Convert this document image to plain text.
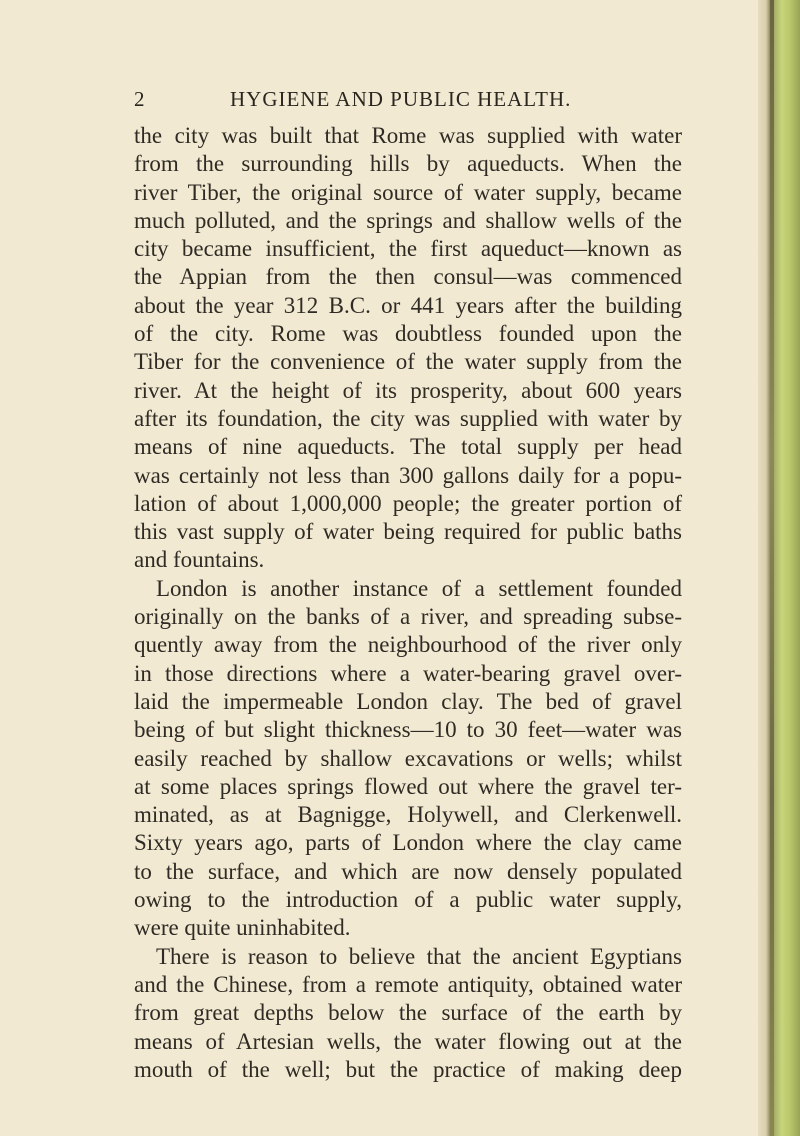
2	HYGIENE AND PUBLIC HEALTH.
the city was built that Rome was supplied with water
from the surrounding hills by aqueducts. When the
river Tiber, the original source of water supply, became
much polluted, and the springs and shallow wells of the
city became insufficient, the first aqueduct—known as
the Appian from the then consul—was commenced
about the year 312 B.C. or 441 years after the building
of the city. Rome was doubtless founded upon the
Tiber for the convenience of the water supply from the
river. At the height of its prosperity, about 600 years
after its foundation, the city was supplied with water by
means of nine aqueducts. The total supply per head
was certainly not less than 300 gallons daily for a popu-
lation of about 1,000,000 people; the greater portion of
this vast supply of water being required for public baths
and fountains.
London is another instance of a settlement founded
originally on the banks of a river, and spreading subse-
quently away from the neighbourhood of the river only
in those directions where a water-bearing gravel over-
laid the impermeable London clay. The bed of gravel
being of but slight thickness—10 to 30 feet—water was
easily reached by shallow excavations or wells; whilst
at some places springs flowed out where the gravel ter-
minated, as at Bagnigge, Holywell, and Clerkenwell.
Sixty years ago, parts of London where the clay came
to the surface, and which are now densely populated
owing to the introduction of a public water supply,
were quite uninhabited.
There is reason to believe that the ancient Egyptians
and the Chinese, from a remote antiquity, obtained water
from great depths below the surface of the earth by
means of Artesian wells, the water flowing out at the
mouth of the well; but the practice of making deep
